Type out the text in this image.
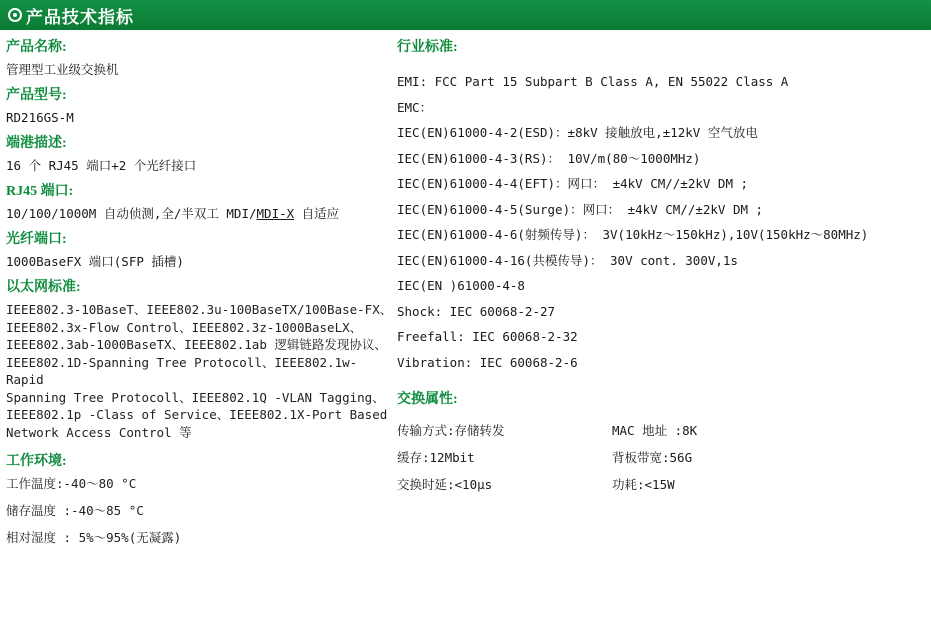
产品技术指标
产品名称:

管理型工业级交换机

产品型号:

RD216GS-M

端港描述:

16 个 RJ45 端口+2 个光纤接口

RJ45 端口:

10/100/1000M 自动侦测,全/半双工 MDI/MDI-X 自适应

光纤端口:

1000BaseFX 端口(SFP 插槽)

以太网标准:

IEEE802.3-10BaseT、IEEE802.3u-100BaseTX/100Base-FX、

IEEE802.3x-Flow Control、IEEE802.3z-1000BaseLX、

IEEE802.3ab-1000BaseTX、IEEE802.1ab 逻辑链路发现协议、

IEEE802.1D-Spanning Tree Protocoll、IEEE802.1w-Rapid

Spanning Tree Protocoll、IEEE802.1Q -VLAN Tagging、

IEEE802.1p -Class of Service、IEEE802.1X-Port Based

Network Access Control 等

工作环境:

工作温度:-40～80 °C

储存温度 :-40～85 °C

相对湿度 : 5%～95%(无凝露)

行业标准:

EMI: FCC Part 15 Subpart B Class A, EN 55022 Class A

EMC：

IEC(EN)61000-4-2(ESD)：±8kV 接触放电,±12kV 空气放电

IEC(EN)61000-4-3(RS)： 10V/m(80～1000MHz)

IEC(EN)61000-4-4(EFT)：网口： ±4kV CM//±2kV DM ;

IEC(EN)61000-4-5(Surge)：网口： ±4kV CM//±2kV DM ;

IEC(EN)61000-4-6(射频传导)： 3V(10kHz～150kHz),10V(150kHz～80MHz)

IEC(EN)61000-4-16(共模传导)： 30V cont. 300V,1s

IEC(EN )61000-4-8

Shock: IEC 60068-2-27

Freefall: IEC 60068-2-32

Vibration: IEC 60068-2-6

交换属性:
传输方式:存储转发	MAC 地址 :8K
缓存:12Mbit	背板带宽:56G
交换时延:<10μs	功耗:<15W
